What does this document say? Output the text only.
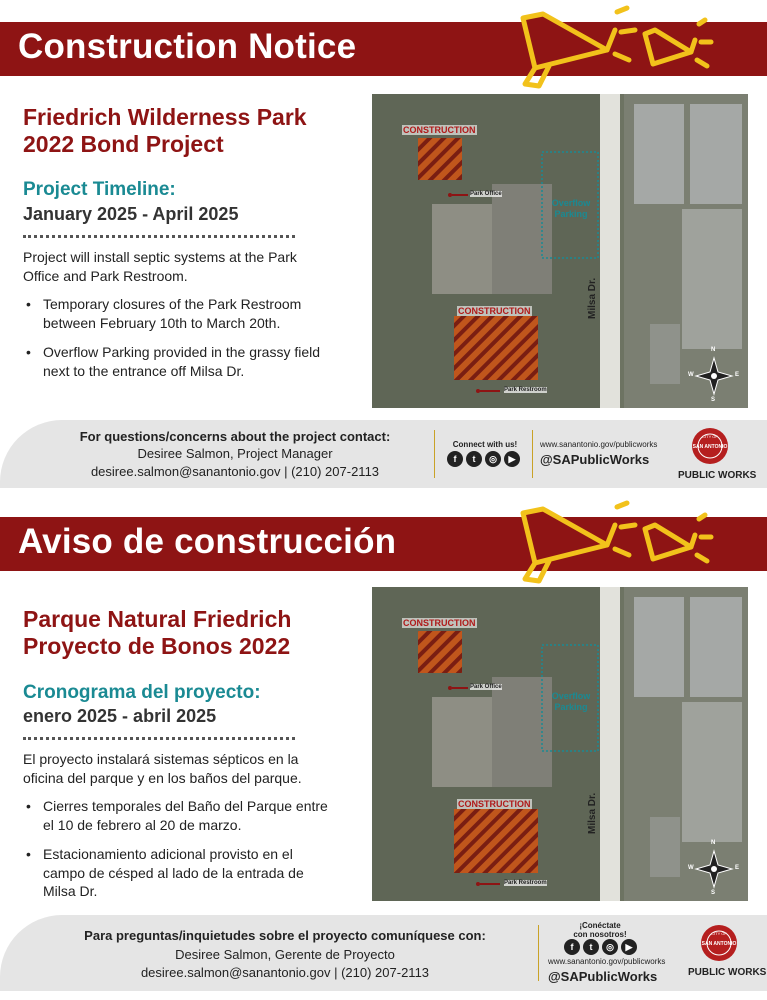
Construction Notice
Friedrich Wilderness Park
2022 Bond Project
Project Timeline:
January 2025 - April 2025

Project will install septic systems at the Park Office and Park Restroom.

• Temporary closures of the Park Restroom between February 10th to March 20th.
• Overflow Parking provided in the grassy field next to the entrance off Milsa Dr.
CONSTRUCTION
CONSTRUCTION
Park Office
Park Restroom
Overflow
Parking
Milsa Dr.
N
S
E
W
For questions/concerns about the project contact:
Desiree Salmon, Project Manager
desiree.salmon@sanantonio.gov | (210) 207-2113
Connect with us!
f	t	◎	▶
www.sanantonio.gov/publicworks
@SAPublicWorks
CITY OF
SAN ANTONIO
PUBLIC WORKS
Aviso de construcción
Parque Natural Friedrich
Proyecto de Bonos 2022
Cronograma del proyecto:
enero 2025 - abril 2025

El proyecto instalará sistemas sépticos en la oficina del parque y en los baños del parque.

• Cierres temporales del Baño del Parque entre el 10 de febrero al 20 de marzo.
• Estacionamiento adicional provisto en el campo de césped al lado de la entrada de Milsa Dr.
CONSTRUCTION
CONSTRUCTION
Park Office
Park Restroom
Overflow
Parking
Milsa Dr.
N
S
E
W
Para preguntas/inquietudes sobre el proyecto comuníquese con:
Desiree Salmon, Gerente de Proyecto
desiree.salmon@sanantonio.gov | (210) 207-2113
¡Conéctate
con nosotros!
f	t	◎	▶
www.sanantonio.gov/publicworks
@SAPublicWorks
CITY OF
SAN ANTONIO
PUBLIC WORKS
